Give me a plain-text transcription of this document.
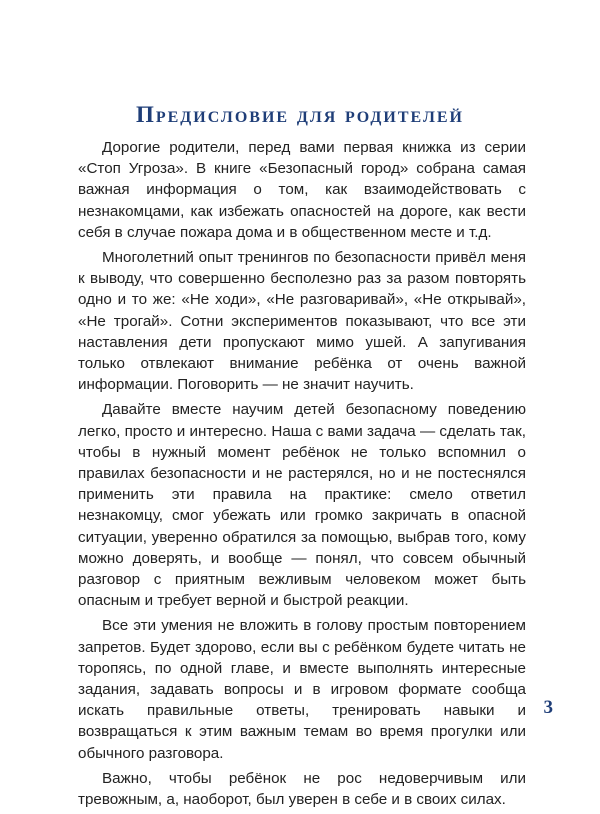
Предисловие для родителей

Дорогие родители, перед вами первая книжка из серии «Стоп Угроза». В книге «Безопасный город» собрана самая важная информация о том, как взаимодействовать с незнакомцами, как избежать опасностей на дороге, как вести себя в случае пожара дома и в общественном месте и т.д.

Многолетний опыт тренингов по безопасности привёл меня к выводу, что совершенно бесполезно раз за разом повторять одно и то же: «Не ходи», «Не разговаривай», «Не открывай», «Не трогай». Сотни экспериментов показывают, что все эти наставления дети пропускают мимо ушей. А запугивания только отвлекают внимание ребёнка от очень важной информации. Поговорить — не значит научить.

Давайте вместе научим детей безопасному поведению легко, просто и интересно. Наша с вами задача — сделать так, чтобы в нужный момент ребёнок не только вспомнил о правилах безопасности и не растерялся, но и не постеснялся применить эти правила на практике: смело ответил незнакомцу, смог убежать или громко закричать в опасной ситуации, уверенно обратился за помощью, выбрав того, кому можно доверять, и вообще — понял, что совсем обычный разговор с приятным вежливым человеком может быть опасным и требует верной и быстрой реакции.

Все эти умения не вложить в голову простым повторением запретов. Будет здорово, если вы с ребёнком будете читать не торопясь, по одной главе, и вместе выполнять интересные задания, задавать вопросы и в игровом формате сообща искать правильные ответы, тренировать навыки и возвращаться к этим важным темам во время прогулки или обычного разговора.

Важно, чтобы ребёнок не рос недоверчивым или тревожным, а, наоборот, был уверен в себе и в своих силах.

3
